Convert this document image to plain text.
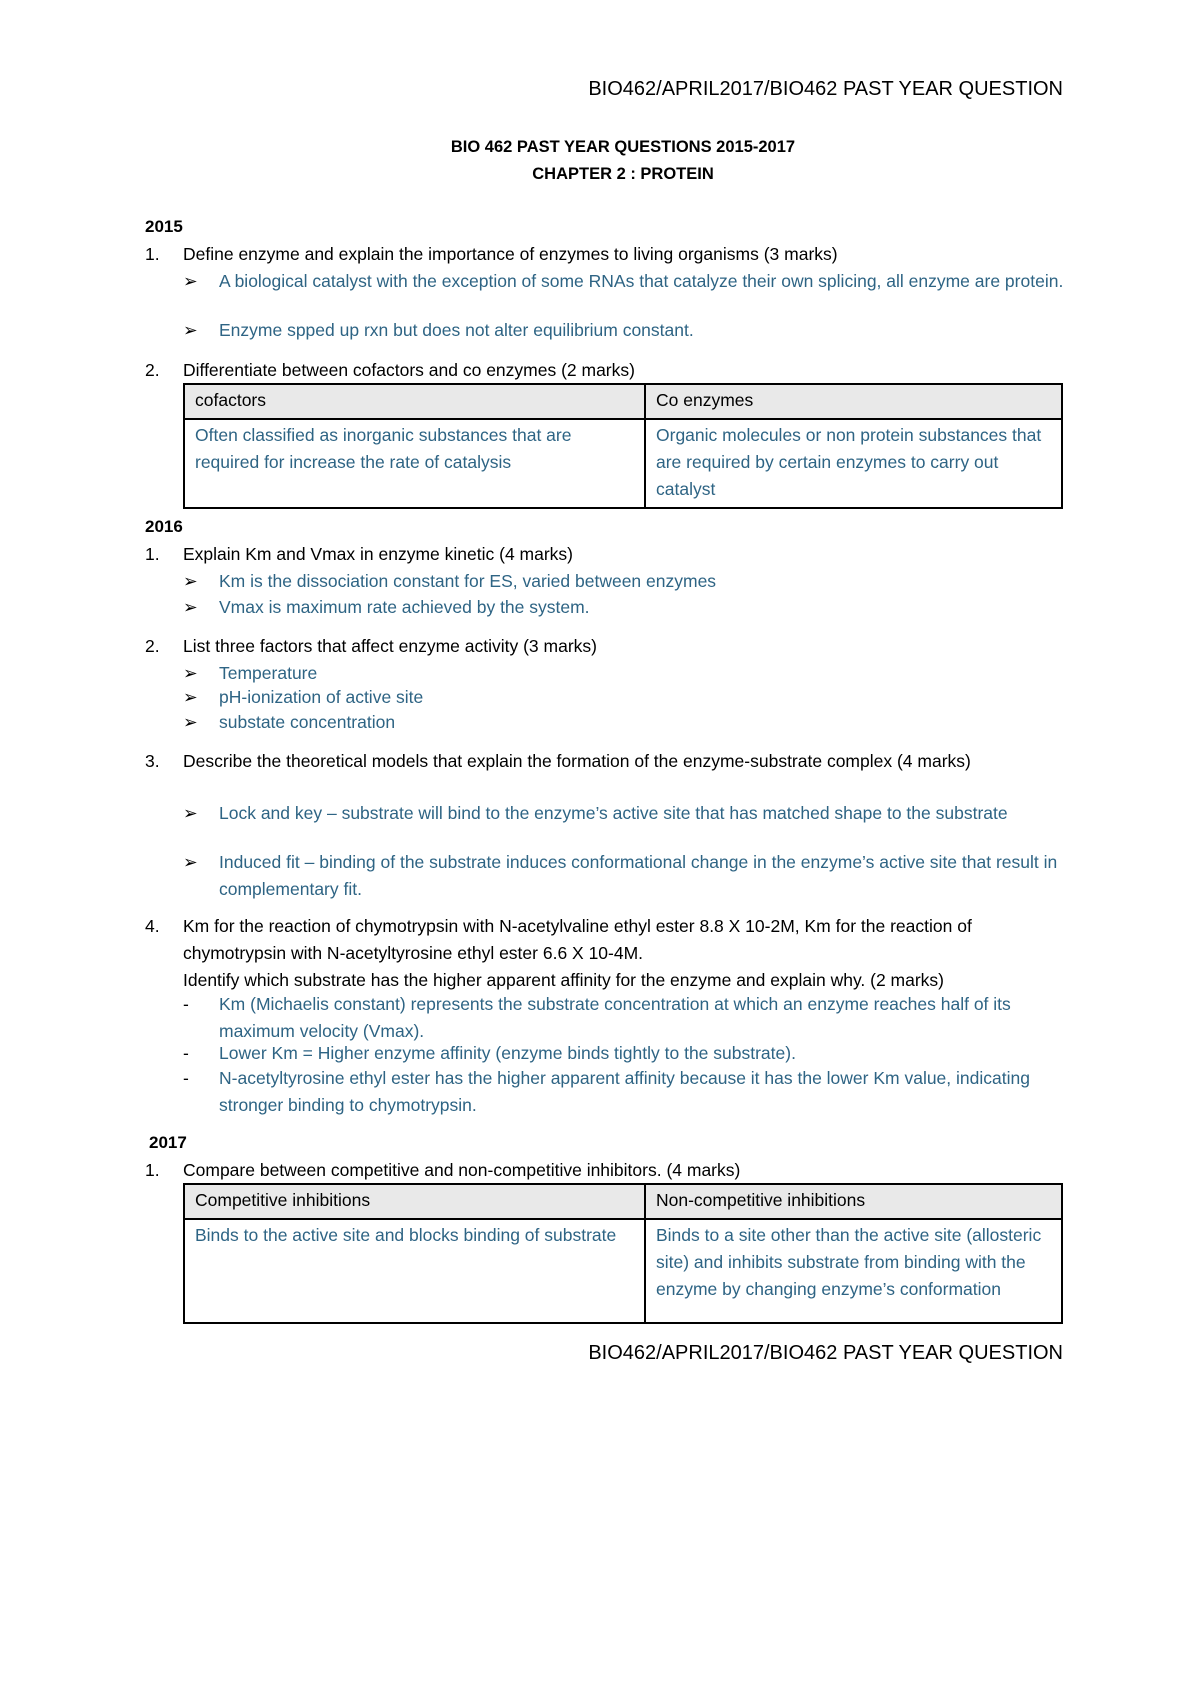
BIO462/APRIL2017/BIO462 PAST YEAR QUESTION
BIO 462 PAST YEAR QUESTIONS 2015-2017
CHAPTER 2 : PROTEIN
2015
1.	Define enzyme and explain the importance of enzymes to living organisms (3 marks)
➢	A biological catalyst with the exception of some RNAs that catalyze their own splicing, all enzyme are protein.
➢	Enzyme spped up rxn but does not alter equilibrium constant.
2.	Differentiate between cofactors and co enzymes (2 marks)
cofactors	Co enzymes
Often classified as inorganic substances that are required for increase the rate of catalysis	Organic molecules or non protein substances that are required by certain enzymes to carry out catalyst
2016
1.	Explain Km and Vmax in enzyme kinetic (4 marks)
➢	Km is the dissociation constant for ES, varied between enzymes
➢	Vmax is maximum rate achieved by the system.
2.	List three factors that affect enzyme activity (3 marks)
➢	Temperature
➢	pH-ionization of active site
➢	substate concentration
3.	Describe the theoretical models that explain the formation of the enzyme-substrate complex (4 marks)
➢	Lock and key – substrate will bind to the enzyme’s active site that has matched shape to the substrate
➢	Induced fit – binding of the substrate induces conformational change in the enzyme’s active site that result in complementary fit.
4.	Km for the reaction of chymotrypsin with N-acetylvaline ethyl ester 8.8 X 10-2M, Km for the reaction of chymotrypsin with N-acetyltyrosine ethyl ester 6.6 X 10-4M.
Identify which substrate has the higher apparent affinity for the enzyme and explain why. (2 marks)
-	Km (Michaelis constant) represents the substrate concentration at which an enzyme reaches half of its maximum velocity (Vmax).
-	Lower Km = Higher enzyme affinity (enzyme binds tightly to the substrate).
-	N-acetyltyrosine ethyl ester has the higher apparent affinity because it has the lower Km value, indicating stronger binding to chymotrypsin.
2017
1.	Compare between competitive and non-competitive inhibitors. (4 marks)
Competitive inhibitions	Non-competitive inhibitions
Binds to the active site and blocks binding of substrate	Binds to a site other than the active site (allosteric site) and inhibits substrate from binding with the enzyme by changing enzyme’s conformation
BIO462/APRIL2017/BIO462 PAST YEAR QUESTION
